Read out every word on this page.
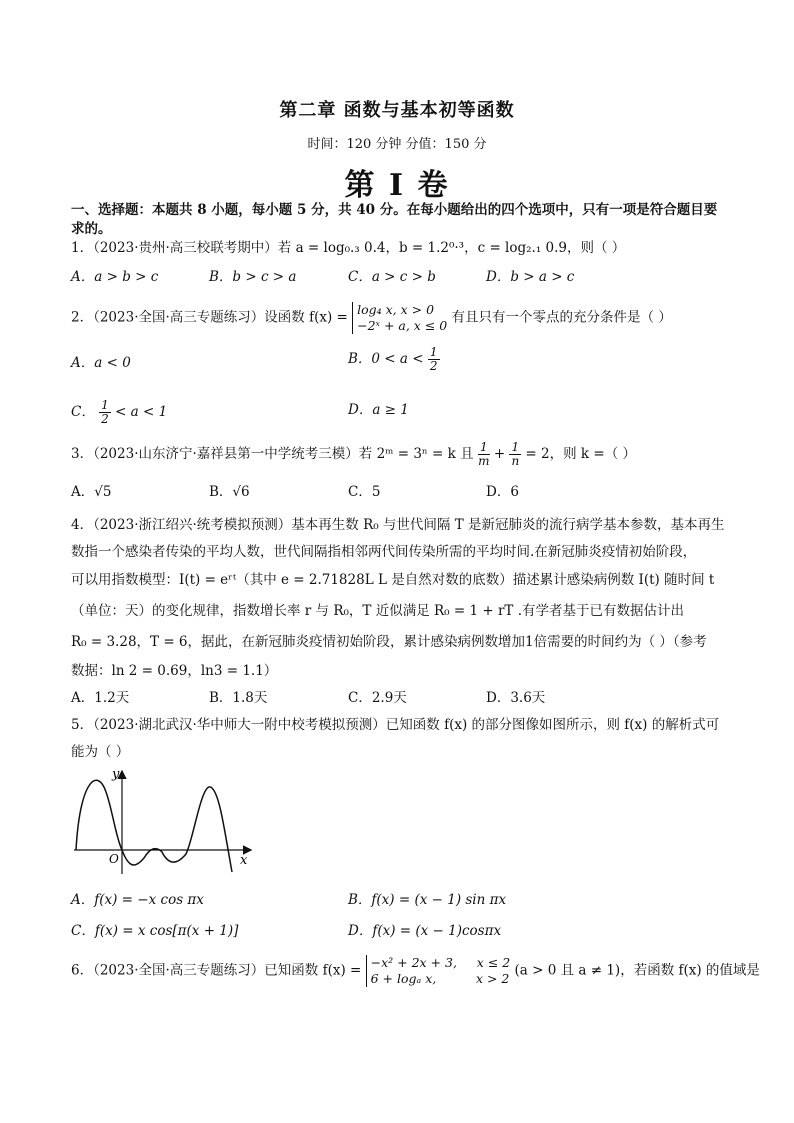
第二章 函数与基本初等函数
时间：120 分钟 分值：150 分
第 I 卷
一、选择题：本题共 8 小题，每小题 5 分，共 40 分。在每小题给出的四个选项中，只有一项是符合题目要
求的。
1．（2023·贵州·高三校联考期中）若 a = log₀.₃ 0.4，b = 1.2⁰·³，c = log₂.₁ 0.9，则（ ）
A．a > b > c	B．b > c > a	C．a > c > b	D．b > a > c
2．（2023·全国·高三专题练习）设函数 f(x) = log₄ x, x > 0
−2ˣ + a, x ≤ 0 有且只有一个零点的充分条件是（ ）
A．a < 0	B．$0 < a < \frac{1}{2}$
C． $\frac{1}{2} < a < 1$	D．a ≥ 1
3．（2023·山东济宁·嘉祥县第一中学统考三模）若 2ᵐ = 3ⁿ = k 且 $\frac{1}{m} + \frac{1}{n} = 2$，则 k =（ ）
A．√5	B．√6	C．5	D．6
4．（2023·浙江绍兴·统考模拟预测）基本再生数 R₀ 与世代间隔 T 是新冠肺炎的流行病学基本参数，基本再生
数指一个感染者传染的平均人数，世代间隔指相邻两代间传染所需的平均时间.在新冠肺炎疫情初始阶段，
可以用指数模型：I(t) = eʳᵗ（其中 e = 2.71828L L 是自然对数的底数）描述累计感染病例数 I(t) 随时间 t
（单位：天）的变化规律，指数增长率 r 与 R₀，T 近似满足 R₀ = 1 + rT .有学者基于已有数据估计出
R₀ = 3.28，T = 6，据此，在新冠肺炎疫情初始阶段，累计感染病例数增加1倍需要的时间约为（ ）（参考
数据：ln 2 = 0.69，ln3 = 1.1）
A．1.2天	B．1.8天	C．2.9天	D．3.6天
5．（2023·湖北武汉·华中师大一附中校考模拟预测）已知函数 f(x) 的部分图像如图所示，则 f(x) 的解析式可
能为（ ）
y
x
O
A．f(x) = −x cos πx	B．f(x) = (x − 1) sin πx
C．f(x) = x cos[π(x + 1)]	D．f(x) = (x − 1)cosπx
6．（2023·全国·高三专题练习）已知函数 f(x) = −x² + 2x + 3,     x ≤ 2
6 + logₐ x,          x > 2 (a > 0 且 a ≠ 1)，若函数 f(x) 的值域是
